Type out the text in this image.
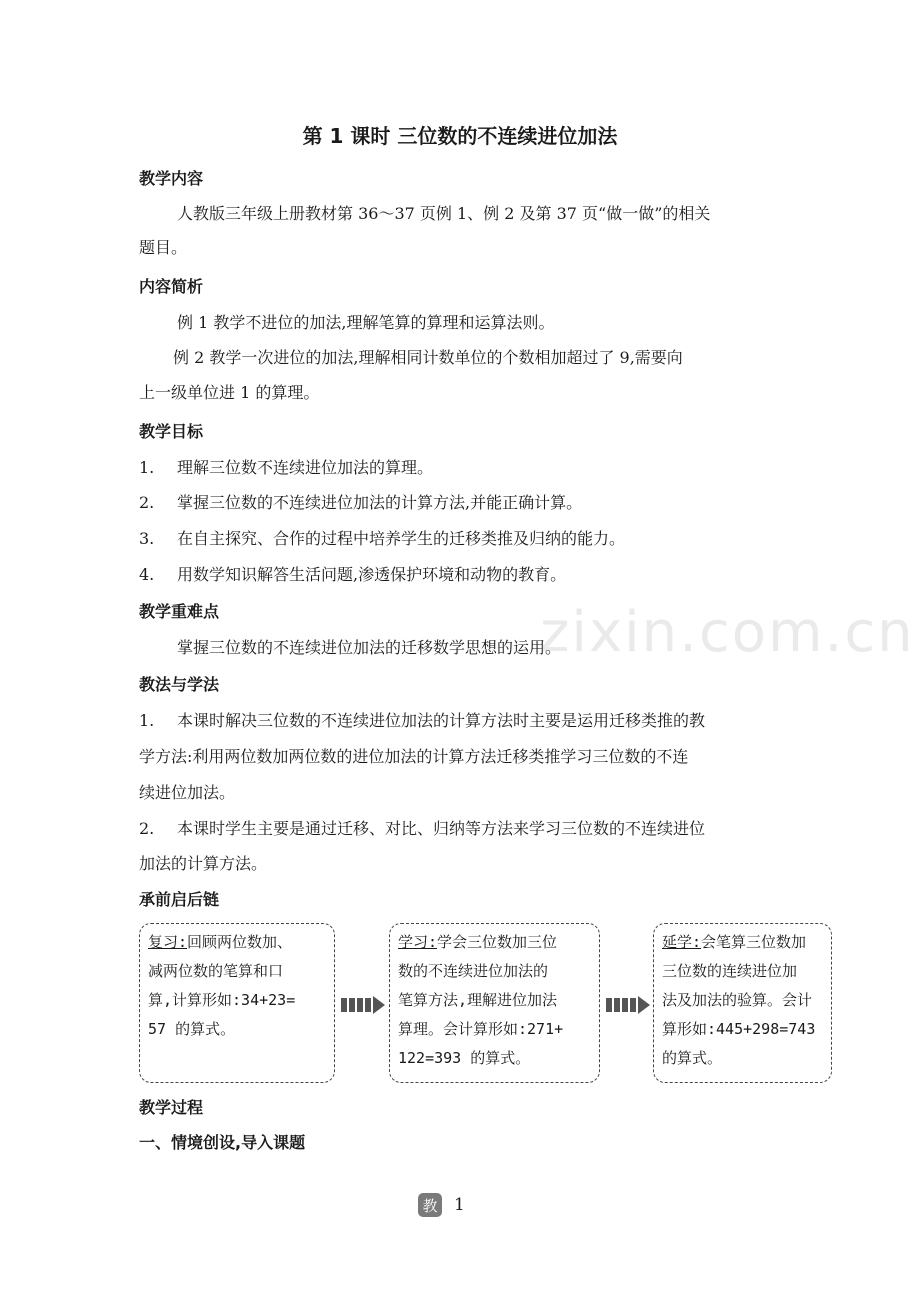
第 1 课时 三位数的不连续进位加法
教学内容
人教版三年级上册教材第 36～37 页例 1、例 2 及第 37 页“做一做”的相关
题目。
内容简析
例 1 教学不进位的加法,理解笔算的算理和运算法则。
例 2 教学一次进位的加法,理解相同计数单位的个数相加超过了 9,需要向
上一级单位进 1 的算理。
教学目标
1. 理解三位数不连续进位加法的算理。
2. 掌握三位数的不连续进位加法的计算方法,并能正确计算。
3. 在自主探究、合作的过程中培养学生的迁移类推及归纳的能力。
4. 用数学知识解答生活问题,渗透保护环境和动物的教育。
教学重难点
掌握三位数的不连续进位加法的迁移数学思想的运用。
教法与学法
1. 本课时解决三位数的不连续进位加法的计算方法时主要是运用迁移类推的教
学方法:利用两位数加两位数的进位加法的计算方法迁移类推学习三位数的不连
续进位加法。
2. 本课时学生主要是通过迁移、对比、归纳等方法来学习三位数的不连续进位
加法的计算方法。
承前启后链
复习:回顾两位数加、
减两位数的笔算和口
算,计算形如:34+23=
57 的算式。
学习:学会三位数加三位
数的不连续进位加法的
笔算方法,理解进位加法
算理。会计算形如:271+
122=393 的算式。
延学:会笔算三位数加
三位数的连续进位加
法及加法的验算。会计
算形如:445+298=743
的算式。
教学过程
一、情境创设,导入课题
zixin.com.cn
教 1
